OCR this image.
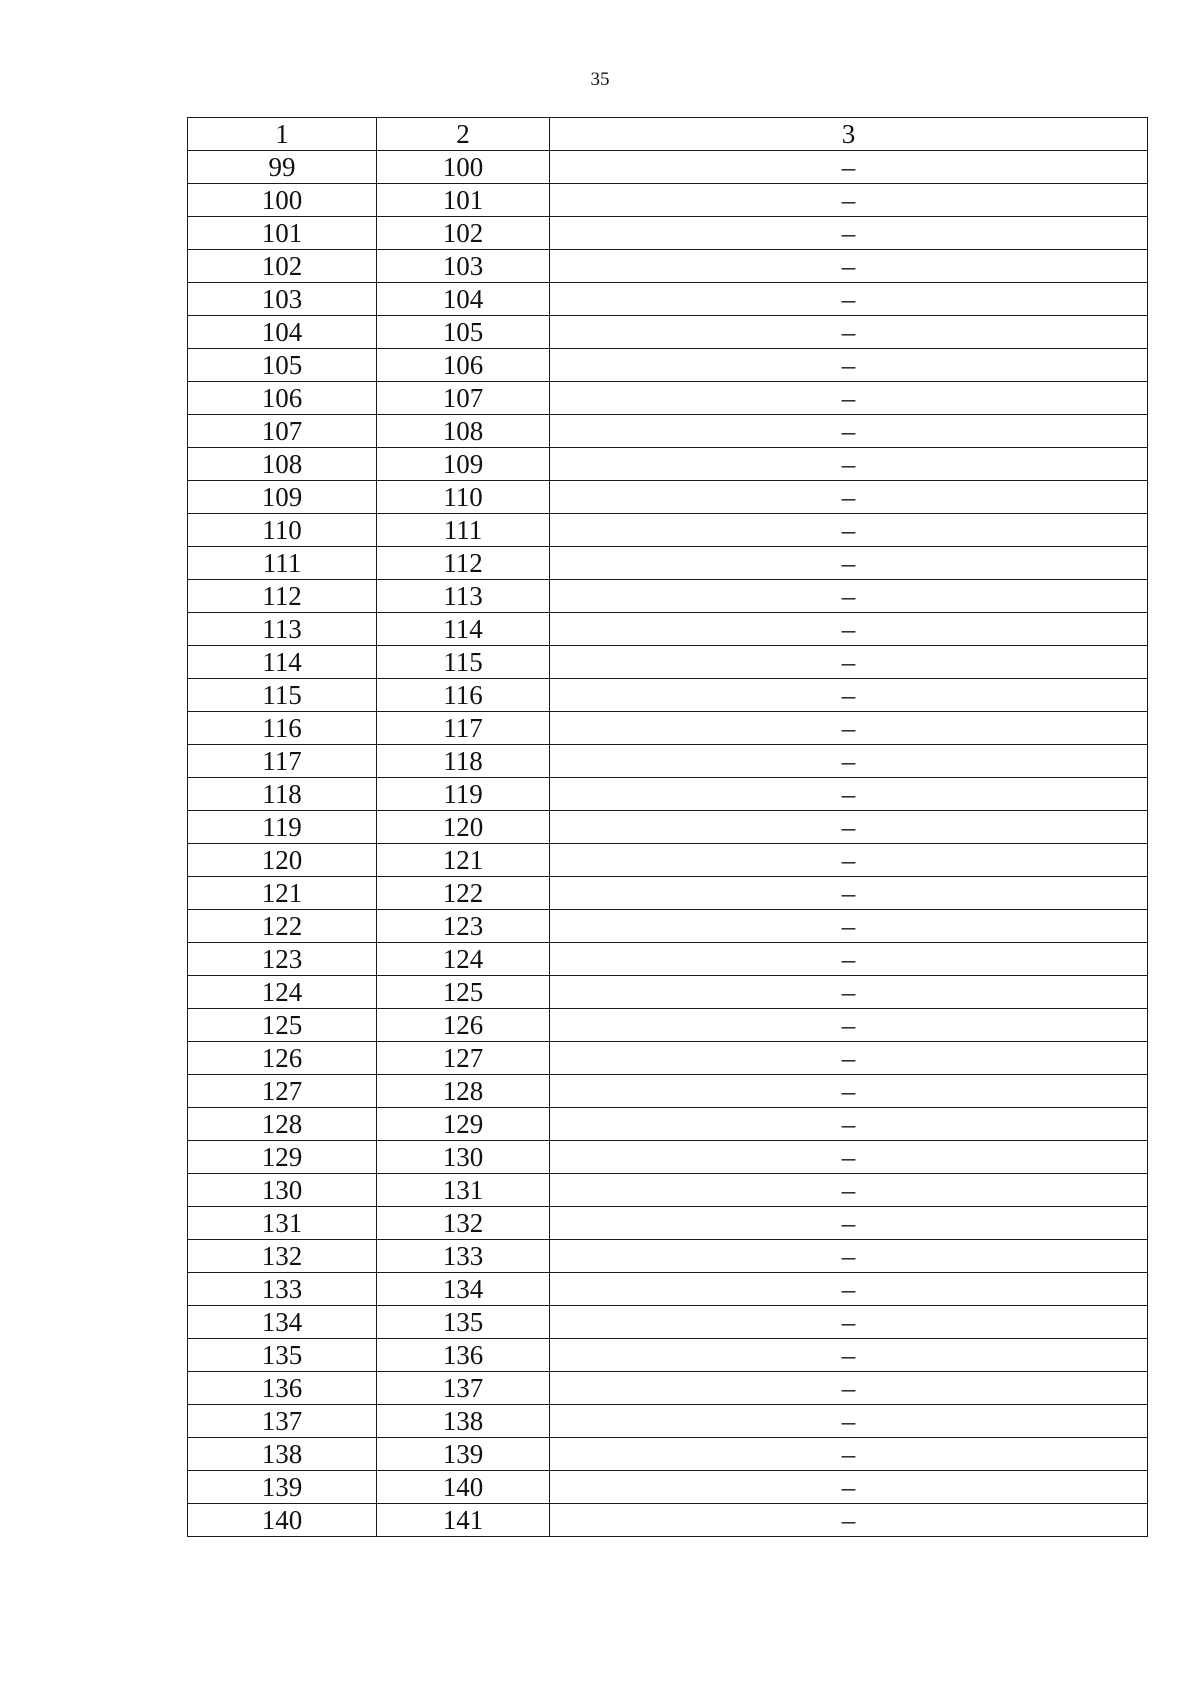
35
1	2	3
99	100	–
100	101	–
101	102	–
102	103	–
103	104	–
104	105	–
105	106	–
106	107	–
107	108	–
108	109	–
109	110	–
110	111	–
111	112	–
112	113	–
113	114	–
114	115	–
115	116	–
116	117	–
117	118	–
118	119	–
119	120	–
120	121	–
121	122	–
122	123	–
123	124	–
124	125	–
125	126	–
126	127	–
127	128	–
128	129	–
129	130	–
130	131	–
131	132	–
132	133	–
133	134	–
134	135	–
135	136	–
136	137	–
137	138	–
138	139	–
139	140	–
140	141	–
